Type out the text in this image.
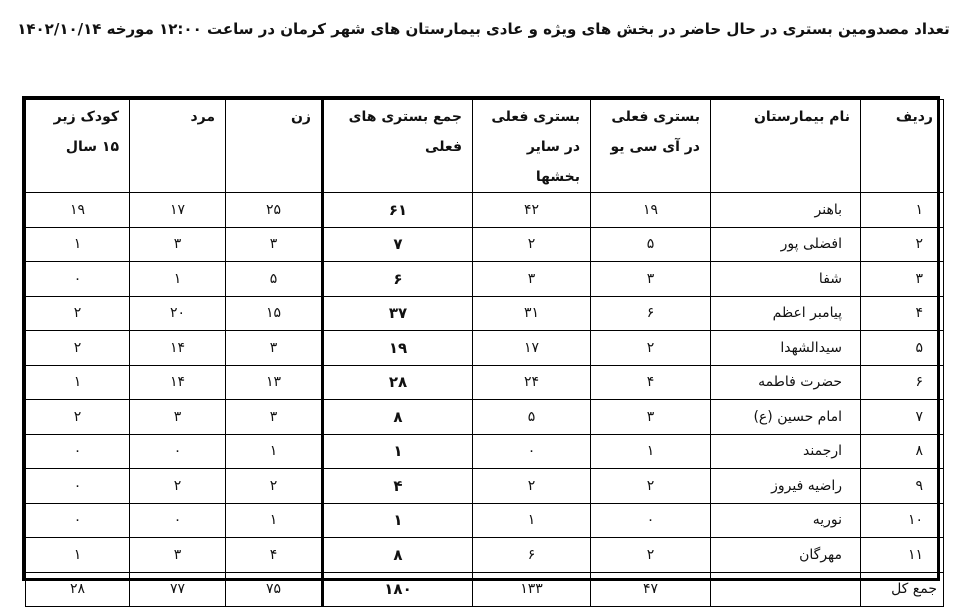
تعداد مصدومین بستری در حال حاضر در بخش های ویژه و عادی بیمارستان های شهر کرمان در ساعت ۱۲:۰۰ مورخه ۱۴۰۲/۱۰/۱۴
ردیف	نام بیمارستان	بستری فعلی در آی سی یو	بستری فعلی در سایر بخشها	جمع بستری های فعلی	زن	مرد	کودک زیر ۱۵ سال
۱	باهنر	۱۹	۴۲	۶۱	۲۵	۱۷	۱۹
۲	افضلی پور	۵	۲	۷	۳	۳	۱
۳	شفا	۳	۳	۶	۵	۱	۰
۴	پیامبر اعظم	۶	۳۱	۳۷	۱۵	۲۰	۲
۵	سیدالشهدا	۲	۱۷	۱۹	۳	۱۴	۲
۶	حضرت فاطمه	۴	۲۴	۲۸	۱۳	۱۴	۱
۷	امام حسین (ع)	۳	۵	۸	۳	۳	۲
۸	ارجمند	۱	۰	۱	۱	۰	۰
۹	راضیه فیروز	۲	۲	۴	۲	۲	۰
۱۰	نوریه	۰	۱	۱	۱	۰	۰
۱۱	مهرگان	۲	۶	۸	۴	۳	۱
جمع کل		۴۷	۱۳۳	۱۸۰	۷۵	۷۷	۲۸
